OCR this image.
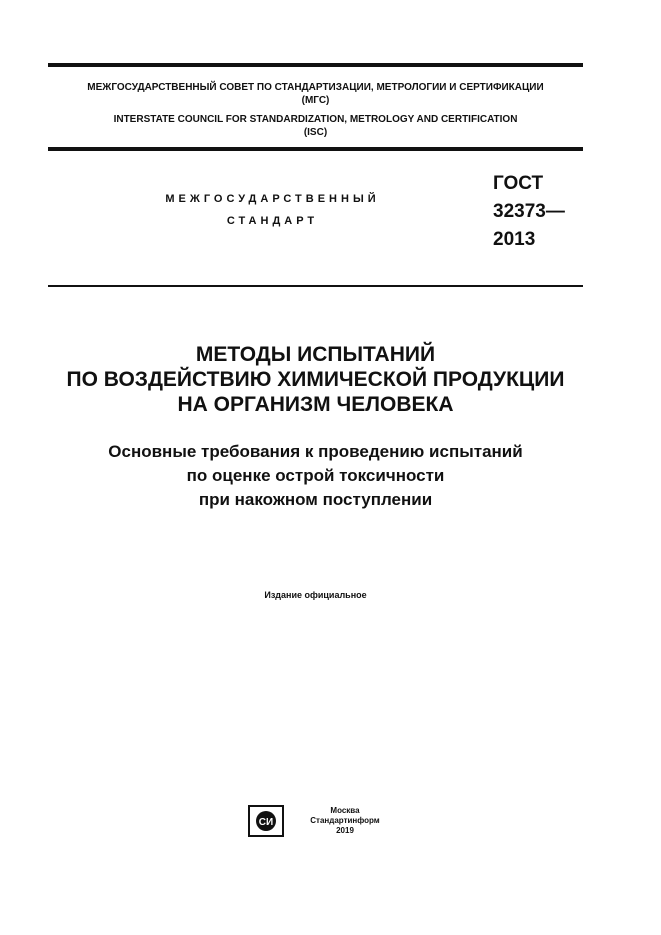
МЕЖГОСУДАРСТВЕННЫЙ СОВЕТ ПО СТАНДАРТИЗАЦИИ, МЕТРОЛОГИИ И СЕРТИФИКАЦИИ
(МГС)
INTERSTATE COUNCIL FOR STANDARDIZATION, METROLOGY AND CERTIFICATION
(ISC)
МЕЖГОСУДАРСТВЕННЫЙ
СТАНДАРТ
ГОСТ
32373—
2013
МЕТОДЫ ИСПЫТАНИЙ
ПО ВОЗДЕЙСТВИЮ ХИМИЧЕСКОЙ ПРОДУКЦИИ
НА ОРГАНИЗМ ЧЕЛОВЕКА
Основные требования к проведению испытаний
по оценке острой токсичности
при накожном поступлении
Издание официальное
СИ
Москва
Стандартинформ
2019
